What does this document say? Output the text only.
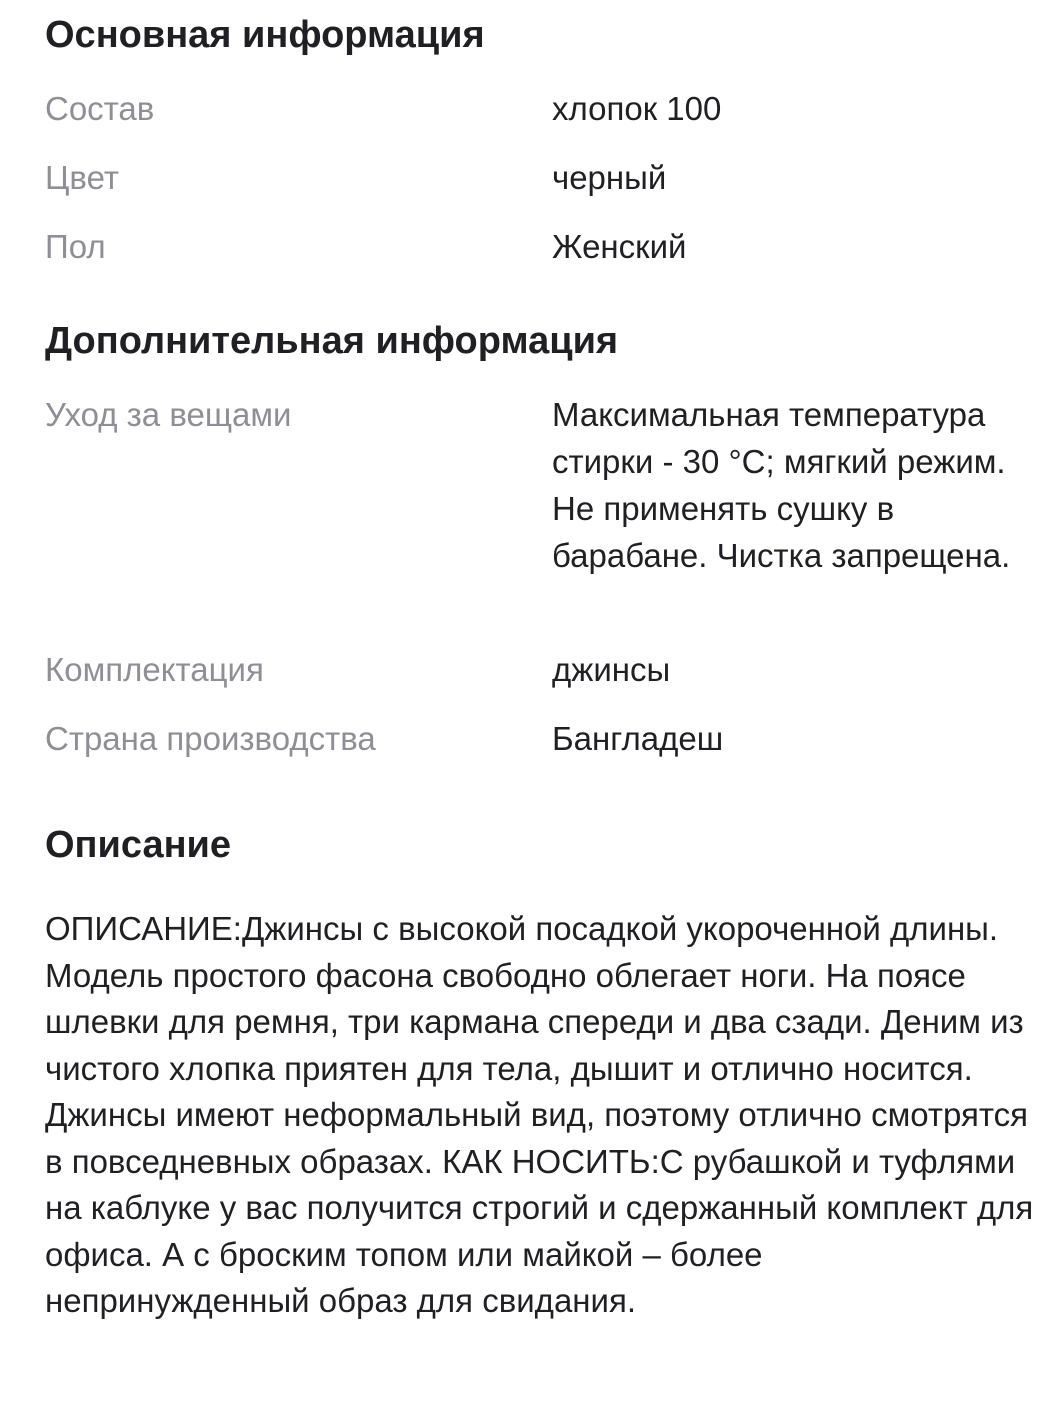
Основная информация
Состав	хлопок 100
Цвет	черный
Пол	Женский
Дополнительная информация
Уход за вещами	Максимальная температура стирки - 30 °C; мягкий режим. Не применять сушку в барабане. Чистка запрещена.
Комплектация	джинсы
Страна производства	Бангладеш
Описание
ОПИСАНИЕ:Джинсы с высокой посадкой укороченной длины. Модель простого фасона свободно облегает ноги. На поясе шлевки для ремня, три кармана спереди и два сзади. Деним из чистого хлопка приятен для тела, дышит и отлично носится. Джинсы имеют неформальный вид, поэтому отлично смотрятся в повседневных образах. КАК НОСИТЬ:С рубашкой и туфлями на каблуке у вас получится строгий и сдержанный комплект для офиса. А с броским топом или майкой – более непринужденный образ для свидания.
